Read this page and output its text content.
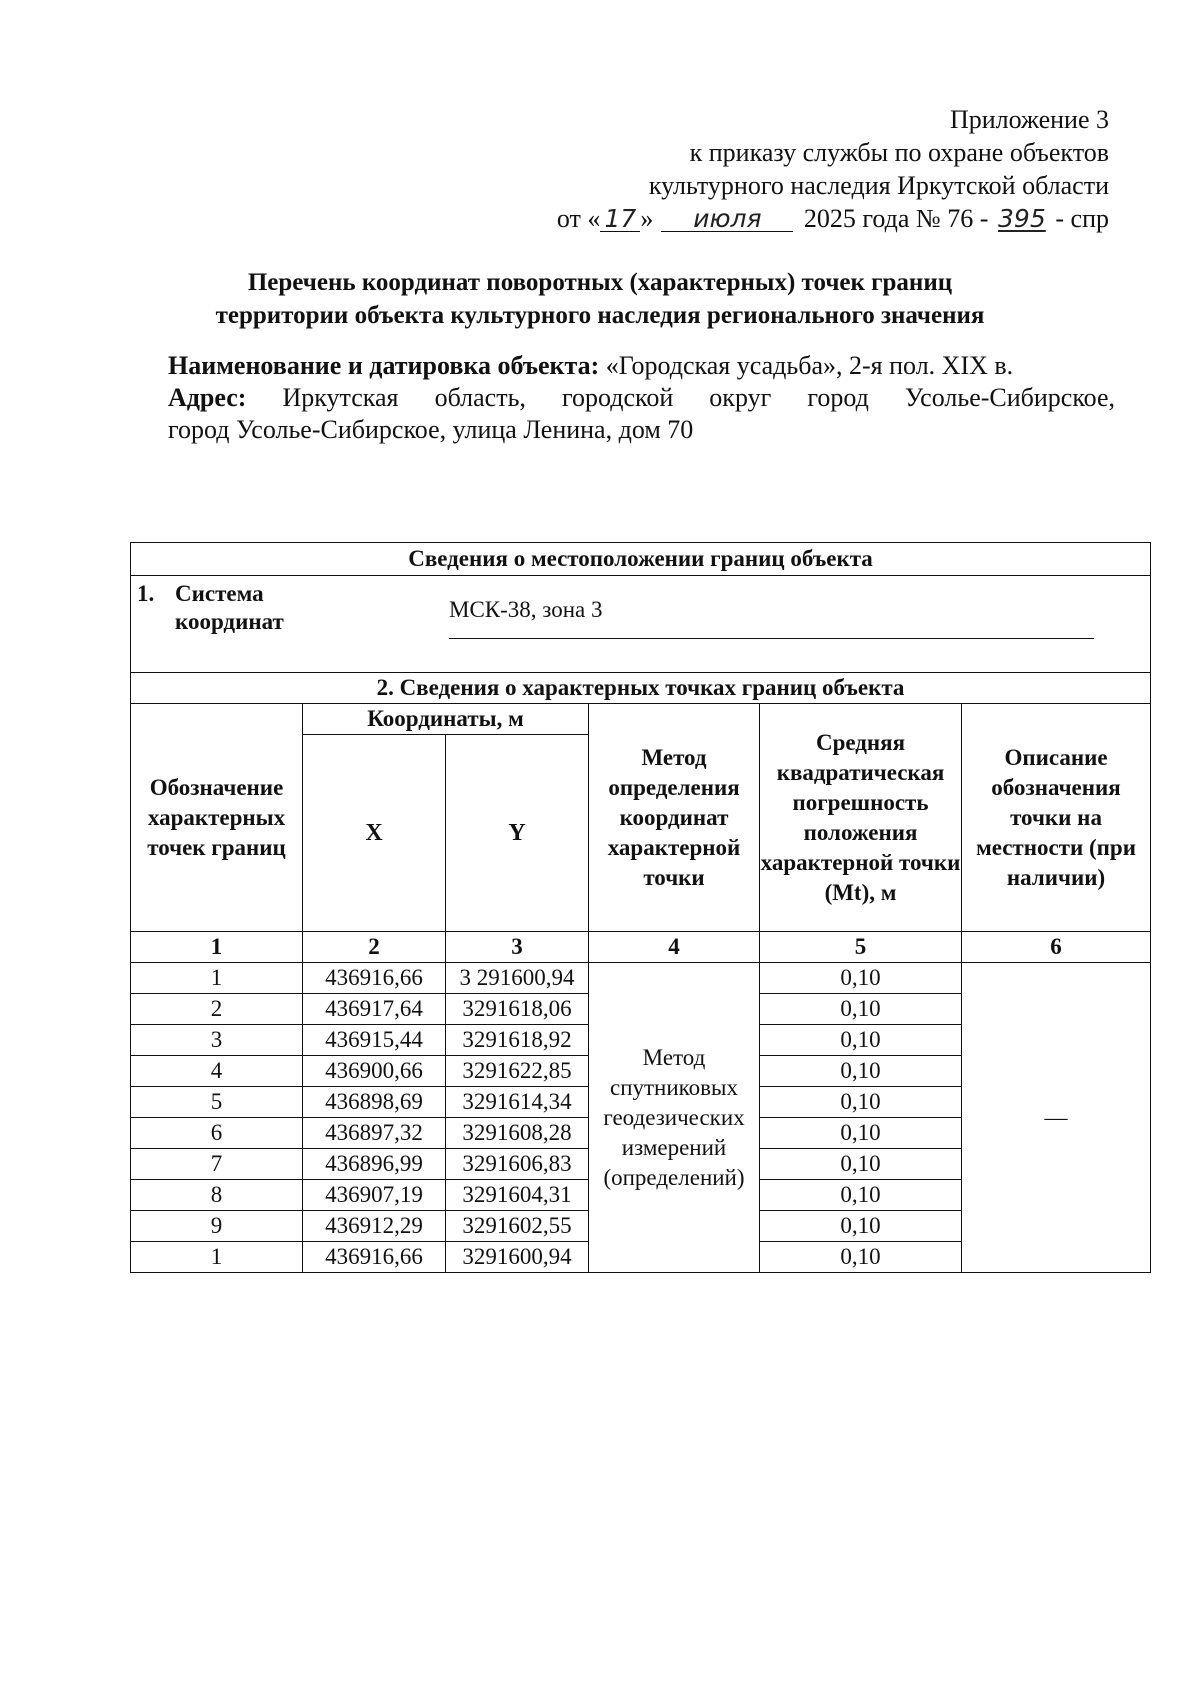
Приложение 3
к приказу службы по охране объектов
культурного наследия Иркутской области
от « 17 » июля 2025 года № 76 - 395 - спр
Перечень координат поворотных (характерных) точек границ
территории объекта культурного наследия регионального значения
Наименование и датировка объекта: «Городская усадьба», 2-я пол. XIX в.
Адрес: Иркутская область, городской округ город Усолье-Сибирское,
город Усолье-Сибирское, улица Ленина, дом 70
Сведения о местоположении границ объекта					

1. Система
координат МСК-38, зона 3					

2. Сведения о характерных точках границ объекта					
Обозначение характерных точек границ	Координаты, м		Метод определения координат характерной точки	Средняя квадратическая погрешность положения характерной точки (Mt), м	Описание обозначения точки на местности (при наличии)
	X	Y			
1	2	3	4	5	6
1	436916,66	3 291600,94	Метод спутниковых геодезических измерений (определений)	0,10	—
2	436917,64	3291618,06		0,10	
3	436915,44	3291618,92		0,10	
4	436900,66	3291622,85		0,10	
5	436898,69	3291614,34		0,10	
6	436897,32	3291608,28		0,10	
7	436896,99	3291606,83		0,10	
8	436907,19	3291604,31		0,10	
9	436912,29	3291602,55		0,10	
1	436916,66	3291600,94		0,10	
